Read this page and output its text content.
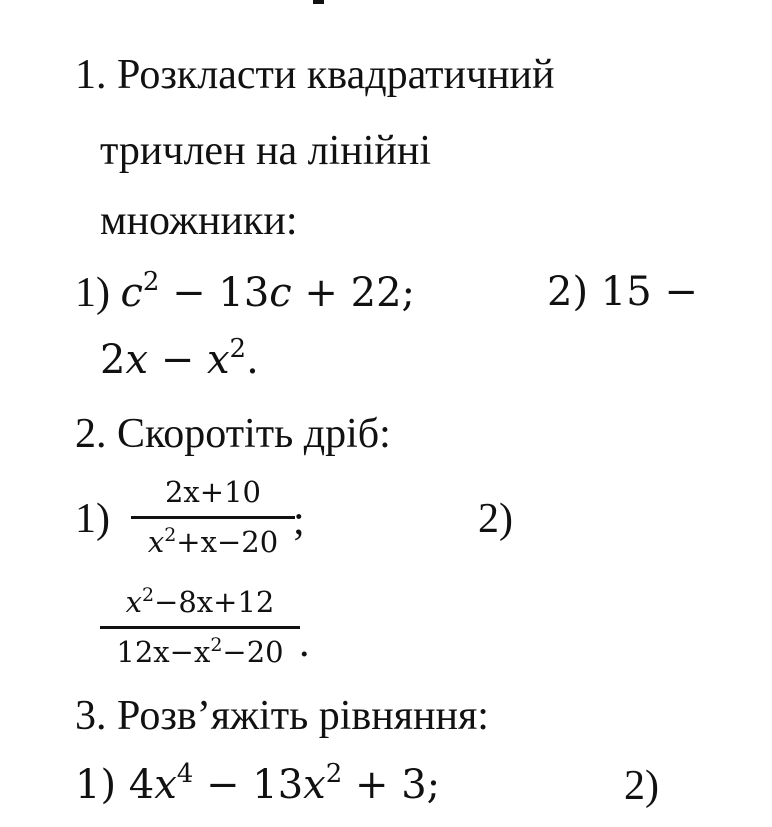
1. Розкласти квадратичний
тричлен на лінійні
множники:
1) $c^2 - 13c + 22$;	2) 15 −
$2x - x^2$.
2. Скоротіть дріб:
1)
2x+10
$x^2+x-20$ ;	2)
$x^2-8x+12$
$12x-x^2-20$ .
3. Розв’яжіть рівняння:
1) $4x^4 - 13x^2 + 3$;	2)
